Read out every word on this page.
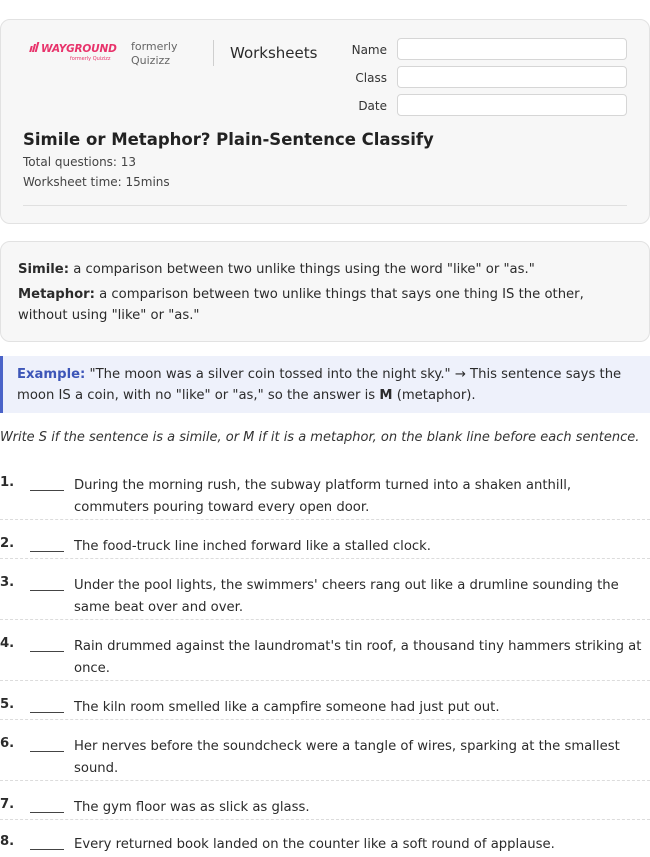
WAYGROUND
formerly Quizizz
formerly Quizizz	Worksheets	Name
Class
Date
Simile or Metaphor? Plain-Sentence Classify
Total questions: 13
Worksheet time: 15mins

Simile: a comparison between two unlike things using the word "like" or "as."

Metaphor: a comparison between two unlike things that says one thing IS the other, without using "like" or "as."

Example: "The moon was a silver coin tossed into the night sky." → This sentence says the moon IS a coin, with no "like" or "as," so the answer is M (metaphor).
Write S if the sentence is a simile, or M if it is a metaphor, on the blank line before each sentence.
1.	During the morning rush, the subway platform turned into a shaken anthill, commuters pouring toward every open door.
2.	The food-truck line inched forward like a stalled clock.
3.	Under the pool lights, the swimmers' cheers rang out like a drumline sounding the same beat over and over.
4.	Rain drummed against the laundromat's tin roof, a thousand tiny hammers striking at once.
5.	The kiln room smelled like a campfire someone had just put out.
6.	Her nerves before the soundcheck were a tangle of wires, sparking at the smallest sound.
7.	The gym floor was as slick as glass.
8.	Every returned book landed on the counter like a soft round of applause.
